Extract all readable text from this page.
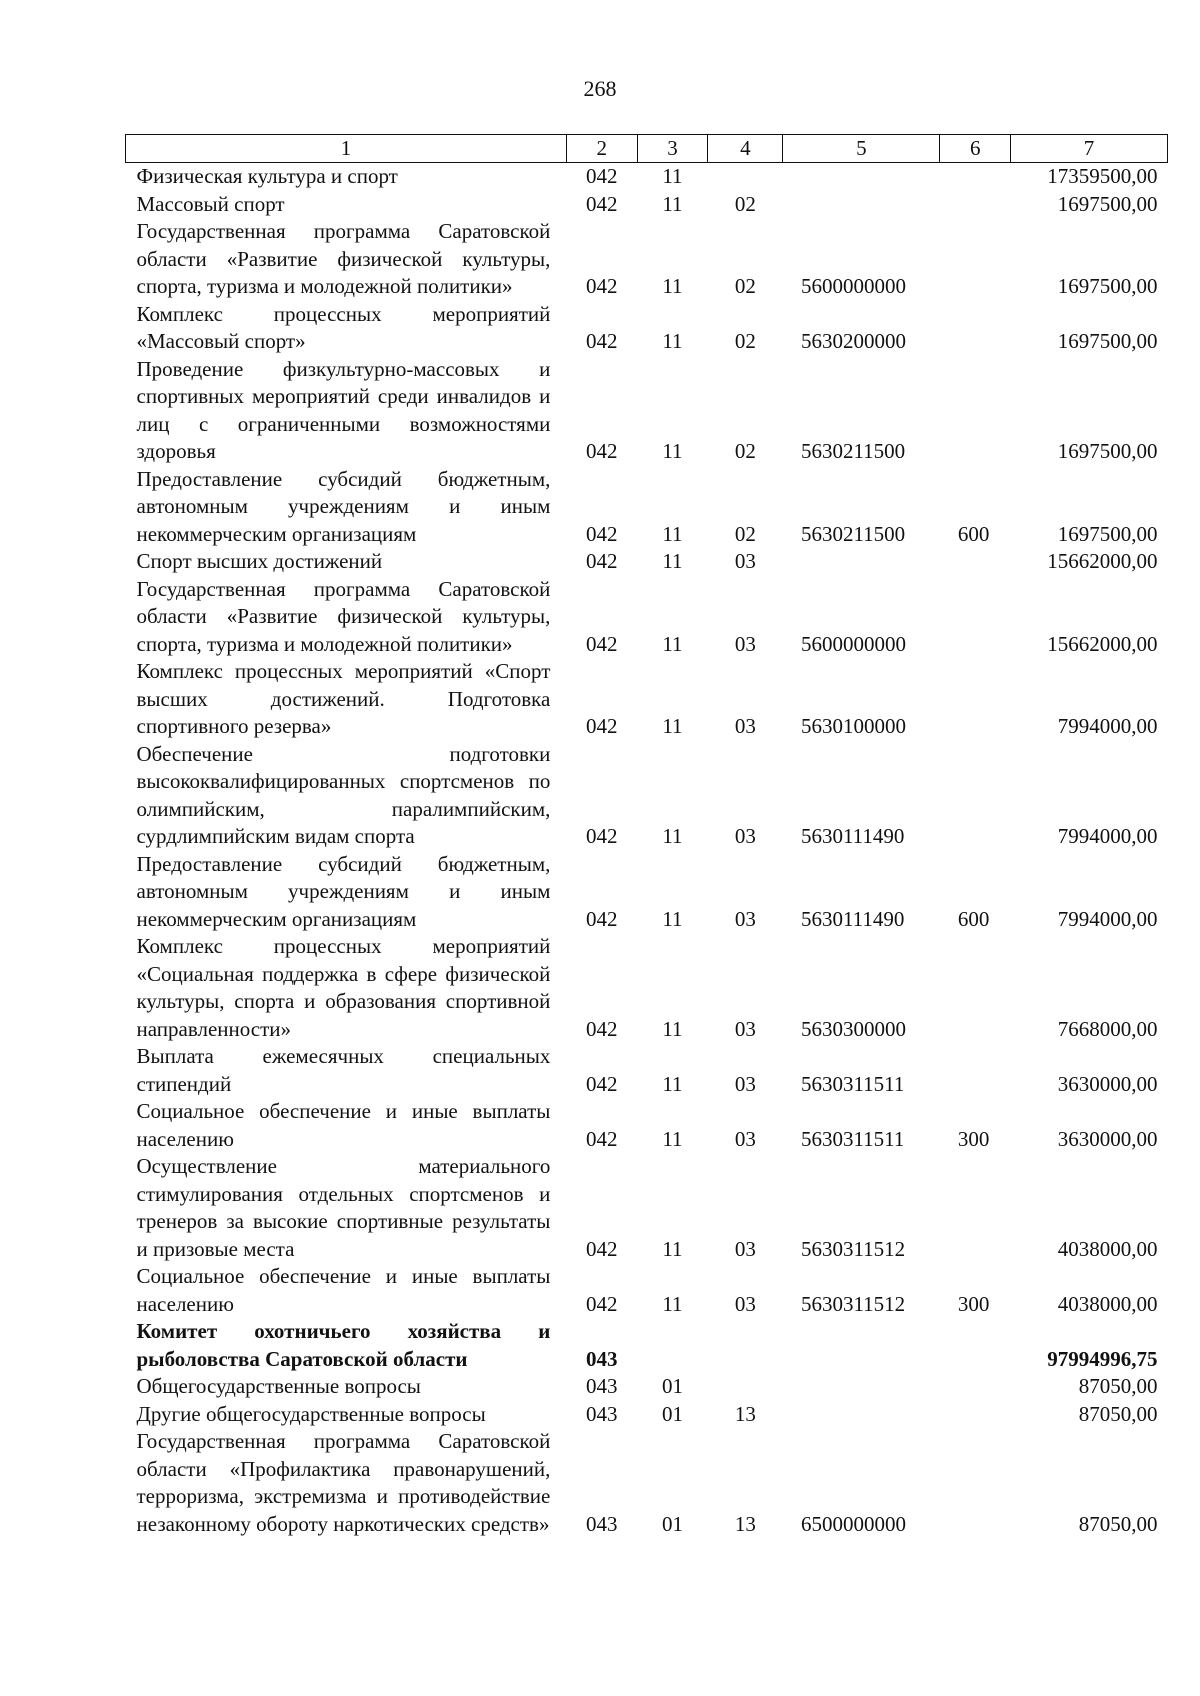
268
1	2	3	4	5	6	7
Физическая культура и спорт	042	11				17359500,00
Массовый спорт	042	11	02			1697500,00
Государственная программа Саратовской области «Развитие физической культуры, спорта, туризма и молодежной политики»	042	11	02	5600000000		1697500,00
Комплекс процессных мероприятий «Массовый спорт»	042	11	02	5630200000		1697500,00
Проведение физкультурно-массовых и спортивных мероприятий среди инвалидов и лиц с ограниченными возможностями здоровья	042	11	02	5630211500		1697500,00
Предоставление субсидий бюджетным, автономным учреждениям и иным некоммерческим организациям	042	11	02	5630211500	600	1697500,00
Спорт высших достижений	042	11	03			15662000,00
Государственная программа Саратовской области «Развитие физической культуры, спорта, туризма и молодежной политики»	042	11	03	5600000000		15662000,00
Комплекс процессных мероприятий «Спорт высших достижений. Подготовка спортивного резерва»	042	11	03	5630100000		7994000,00
Обеспечение подготовки высококвалифицированных спортсменов по олимпийским, паралимпийским, сурдлимпийским видам спорта	042	11	03	5630111490		7994000,00
Предоставление субсидий бюджетным, автономным учреждениям и иным некоммерческим организациям	042	11	03	5630111490	600	7994000,00
Комплекс процессных мероприятий «Социальная поддержка в сфере физической культуры, спорта и образования спортивной направленности»	042	11	03	5630300000		7668000,00
Выплата ежемесячных специальных стипендий	042	11	03	5630311511		3630000,00
Социальное обеспечение и иные выплаты населению	042	11	03	5630311511	300	3630000,00
Осуществление материального стимулирования отдельных спортсменов и тренеров за высокие спортивные результаты и призовые места	042	11	03	5630311512		4038000,00
Социальное обеспечение и иные выплаты населению	042	11	03	5630311512	300	4038000,00
Комитет охотничьего хозяйства и рыболовства Саратовской области	043					97994996,75
Общегосударственные вопросы	043	01				87050,00
Другие общегосударственные вопросы	043	01	13			87050,00
Государственная программа Саратовской области «Профилактика правонарушений, терроризма, экстремизма и противодействие незаконному обороту наркотических средств»	043	01	13	6500000000		87050,00
